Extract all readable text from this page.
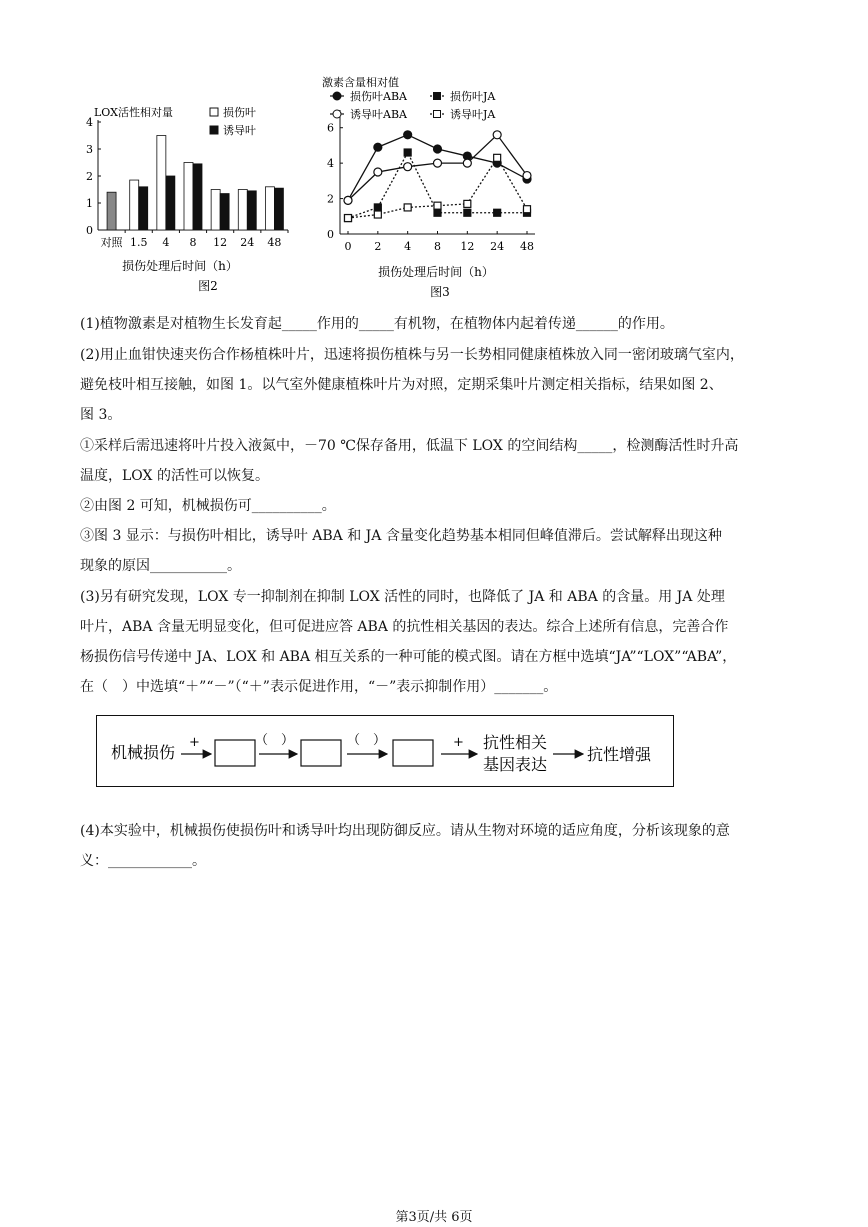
LOX活性相对量
0
1
2
3
4
对照 1.5 4 8 12 24 48
损伤处理后时间（h）
图2
损伤叶
诱导叶
激素含量相对值
0
2
4
6
0 2 4 8 12 24 48
损伤叶ABA
诱导叶ABA
损伤叶JA
诱导叶JA
损伤处理后时间（h）
图3
(1)植物激素是对植物生长发育起_____作用的_____有机物，在植物体内起着传递______的作用。
(2)用止血钳快速夹伤合作杨植株叶片，迅速将损伤植株与另一长势相同健康植株放入同一密闭玻璃气室内，
避免枝叶相互接触，如图 1。以气室外健康植株叶片为对照，定期采集叶片测定相关指标，结果如图 2、
图 3。
①采样后需迅速将叶片投入液氮中，－70 ℃保存备用，低温下 LOX 的空间结构_____，检测酶活性时升高
温度，LOX 的活性可以恢复。
②由图 2 可知，机械损伤可__________。
③图 3 显示：与损伤叶相比，诱导叶 ABA 和 JA 含量变化趋势基本相同但峰值滞后。尝试解释出现这种
现象的原因___________。
(3)另有研究发现，LOX 专一抑制剂在抑制 LOX 活性的同时，也降低了 JA 和 ABA 的含量。用 JA 处理
叶片，ABA 含量无明显变化，但可促进应答 ABA 的抗性相关基因的表达。综合上述所有信息，完善合作
杨损伤信号传递中 JA、LOX 和 ABA 相互关系的一种可能的模式图。请在方框中选填“JA”“LOX”“ABA”，
在（　）中选填“＋”“－”（“＋”表示促进作用，“－”表示抑制作用）_______。
机械损伤
+	（　）	（　）	+ 抗性相关
基因表达
抗性增强
(4)本实验中，机械损伤使损伤叶和诱导叶均出现防御反应。请从生物对环境的适应角度，分析该现象的意
义：____________。
第3页/共 6页
